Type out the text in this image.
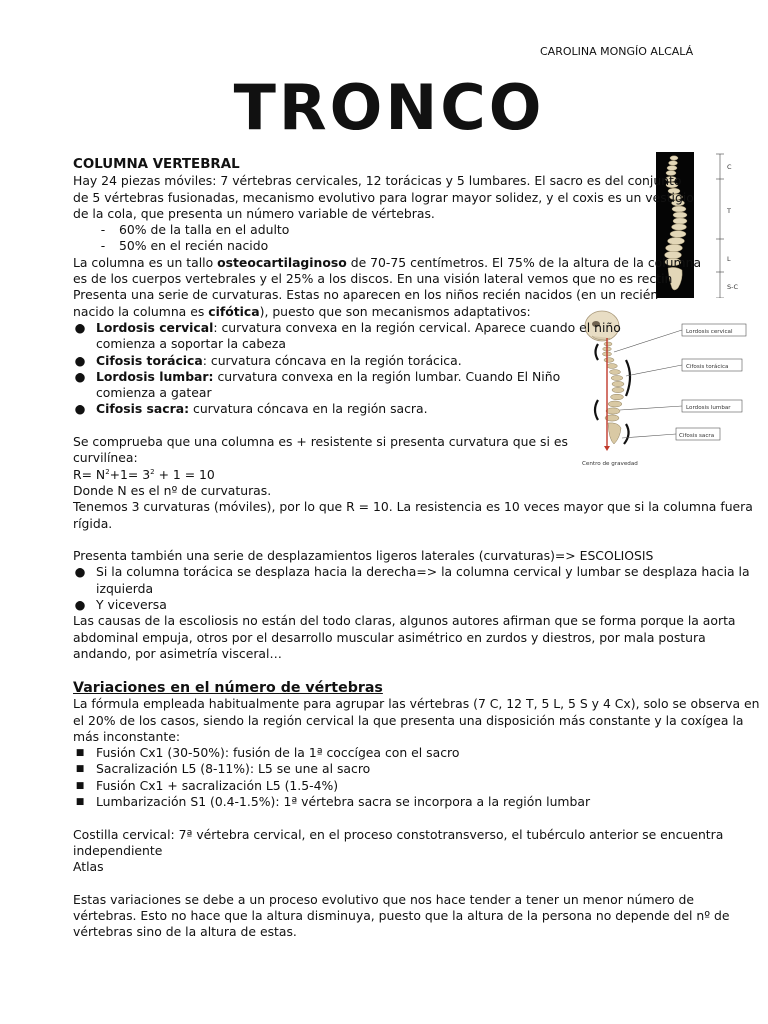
CAROLINA MONGÍO ALCALÁ
TRONCO
C
T
L
S-C
Lordosis cervical
Cifosis torácica
Lordosis lumbar
Cifosis sacra
Centro de gravedad

COLUMNA VERTEBRAL

Hay 24 piezas móviles: 7 vértebras cervicales, 12 torácicas y 5 lumbares. El sacro es del conjunto

de 5 vértebras fusionadas, mecanismo evolutivo para lograr mayor solidez, y el coxis es un vestigio

de la cola, que presenta un número variable de vértebras.

-	60% de la talla en el adulto
-	50% en el recién nacido

La columna es un tallo osteocartilaginoso de 70-75 centímetros. El 75% de la altura de la columna

es de los cuerpos vertebrales y el 25% a los discos. En una visión lateral vemos que no es rectin

Presenta una serie de curvaturas. Estas no aparecen en los niños recién nacidos (en un recién

nacido la columna es cifótica), puesto que son mecanismos adaptativos:

● Lordosis cervical: curvatura convexa en la región cervical. Aparece cuando el niño
comienza a soportar la cabeza
● Cifosis torácica: curvatura cóncava en la región torácica.
● Lordosis lumbar: curvatura convexa en la región lumbar. Cuando El Niño
comienza a gatear
● Cifosis sacra: curvatura cóncava en la región sacra.

Se comprueba que una columna es + resistente si presenta curvatura que si es

curvilínea:

$R= N^2+1= 3^2 + 1 = 10$

Donde N es el nº de curvaturas.

Tenemos 3 curvaturas (móviles), por lo que R = 10. La resistencia es 10 veces mayor que si la columna fuera

rígida.

Presenta también una serie de desplazamientos ligeros laterales (curvaturas)=> ESCOLIOSIS

● Si la columna torácica se desplaza hacia la derecha=> la columna cervical y lumbar se desplaza hacia la
izquierda
● Y viceversa

Las causas de la escoliosis no están del todo claras, algunos autores afirman que se forma porque la aorta

abdominal empuja, otros por el desarrollo muscular asimétrico en zurdos y diestros, por mala postura

andando, por asimetría visceral…

Variaciones en el número de vértebras

La fórmula empleada habitualmente para agrupar las vértebras (7 C, 12 T, 5 L, 5 S y 4 Cx), solo se observa en

el 20% de los casos, siendo la región cervical la que presenta una disposición más constante y la coxígea la

más inconstante:

■ Fusión Cx1 (30-50%): fusión de la 1ª coccígea con el sacro
■ Sacralización L5 (8-11%): L5 se une al sacro
■ Fusión Cx1 + sacralización L5 (1.5-4%)
■ Lumbarización S1 (0.4-1.5%): 1ª vértebra sacra se incorpora a la región lumbar

Costilla cervical: 7ª vértebra cervical, en el proceso constotransverso, el tubérculo anterior se encuentra

independiente

Atlas

Estas variaciones se debe a un proceso evolutivo que nos hace tender a tener un menor número de

vértebras. Esto no hace que la altura disminuya, puesto que la altura de la persona no depende del nº de

vértebras sino de la altura de estas.
